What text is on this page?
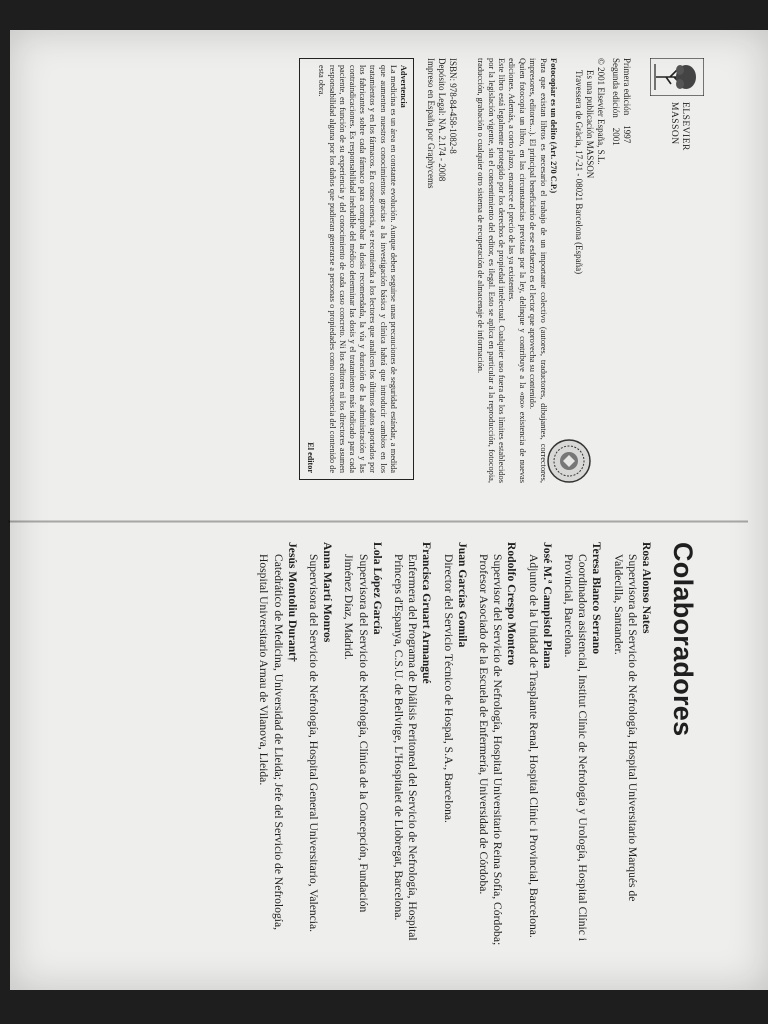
ELSEVIER
MASSON
Primera edición1997
Segunda edición2001
© 2001 Elsevier España, S.L.
Es una publicación MASSON
Travessera de Gràcia, 17-21 - 08021 Barcelona (España)

Fotocopiar es un delito (Art. 270 C.P.)

Para que existan libros es necesario el trabajo de un importante colectivo (autores, traductores, dibujantes, correctores, impresores, editores...). El principal beneficiario de ese esfuerzo es el lector que aprovecha su contenido.

Quien fotocopia un libro, en las circunstancias previstas por la ley, delinque y contribuye a la «no» existencia de nuevas ediciones. Además, a corto plazo, encarece el precio de las ya existentes.

Este libro está legalmente protegido por los derechos de propiedad intelectual. Cualquier uso fuera de los límites establecidos por la legislación vigente, sin el consentimiento del editor, es ilegal. Esto se aplica en particular a la reproducción, fotocopia, traducción, grabación o cualquier otro sistema de recuperación de almacenaje de información.

ISBN: 978-84-458-1082-8
Depósito Legal: NA. 2.174 - 2008
Impreso en España por Graphycems
Advertencia
La medicina es un área en constante evolución. Aunque deben seguirse unas precauciones de seguridad estándar, a medida que aumenten nuestros conocimientos gracias a la investigación básica y clínica habrá que introducir cambios en los tratamientos y en los fármacos. En consecuencia, se recomienda a los lectores que analicen los últimos datos aportados por los fabricantes sobre cada fármaco para comprobar la dosis recomendada, la vía y duración de la administración y las contraindicaciones. Es responsabilidad ineludible del médico determinar las dosis y el tratamiento más indicado para cada paciente, en función de su experiencia y del conocimiento de cada caso concreto. Ni los editores ni los directores asumen responsabilidad alguna por los daños que pudieran generarse a personas o propiedades como consecuencia del contenido de esta obra.
El editor
Colaboradores
Rosa Alonso Nates
Supervisora del Servicio de Nefrología, Hospital Universitario Marqués de Valdecilla, Santander.
Teresa Blanco Serrano
Coordinadora asistencial, Institut Clínic de Nefrología y Urología, Hospital Clínic i Provincial, Barcelona.
José M.ª Campistol Plana
Adjunto de la Unidad de Trasplante Renal, Hospital Clínic i Provincial, Barcelona.
Rodolfo Crespo Montero
Supervisor del Servicio de Nefrología, Hospital Universitario Reina Sofía, Córdoba; Profesor Asociado de la Escuela de Enfermería, Universidad de Córdoba.
Juan Garcías Gomila
Director del Servicio Técnico de Hospal, S.A., Barcelona.
Francisca Gruart Armangué
Enfermera del Programa de Diálisis Peritoneal del Servicio de Nefrología, Hospital Prínceps d'Espanya, C.S.U. de Bellvitge, L'Hospitalet de Llobregat, Barcelona.
Lola López García
Supervisora del Servicio de Nefrología, Clínica de la Concepción, Fundación Jiménez Díaz, Madrid.
Anna Martí Monros
Supervisora del Servicio de Nefrología, Hospital General Universitario, Valencia.
Jesús Montoliu Durant†
Catedrático de Medicina, Universidad de Lleida; Jefe del Servicio de Nefrología, Hospital Universitario Arnau de Vilanova, Lleida.
